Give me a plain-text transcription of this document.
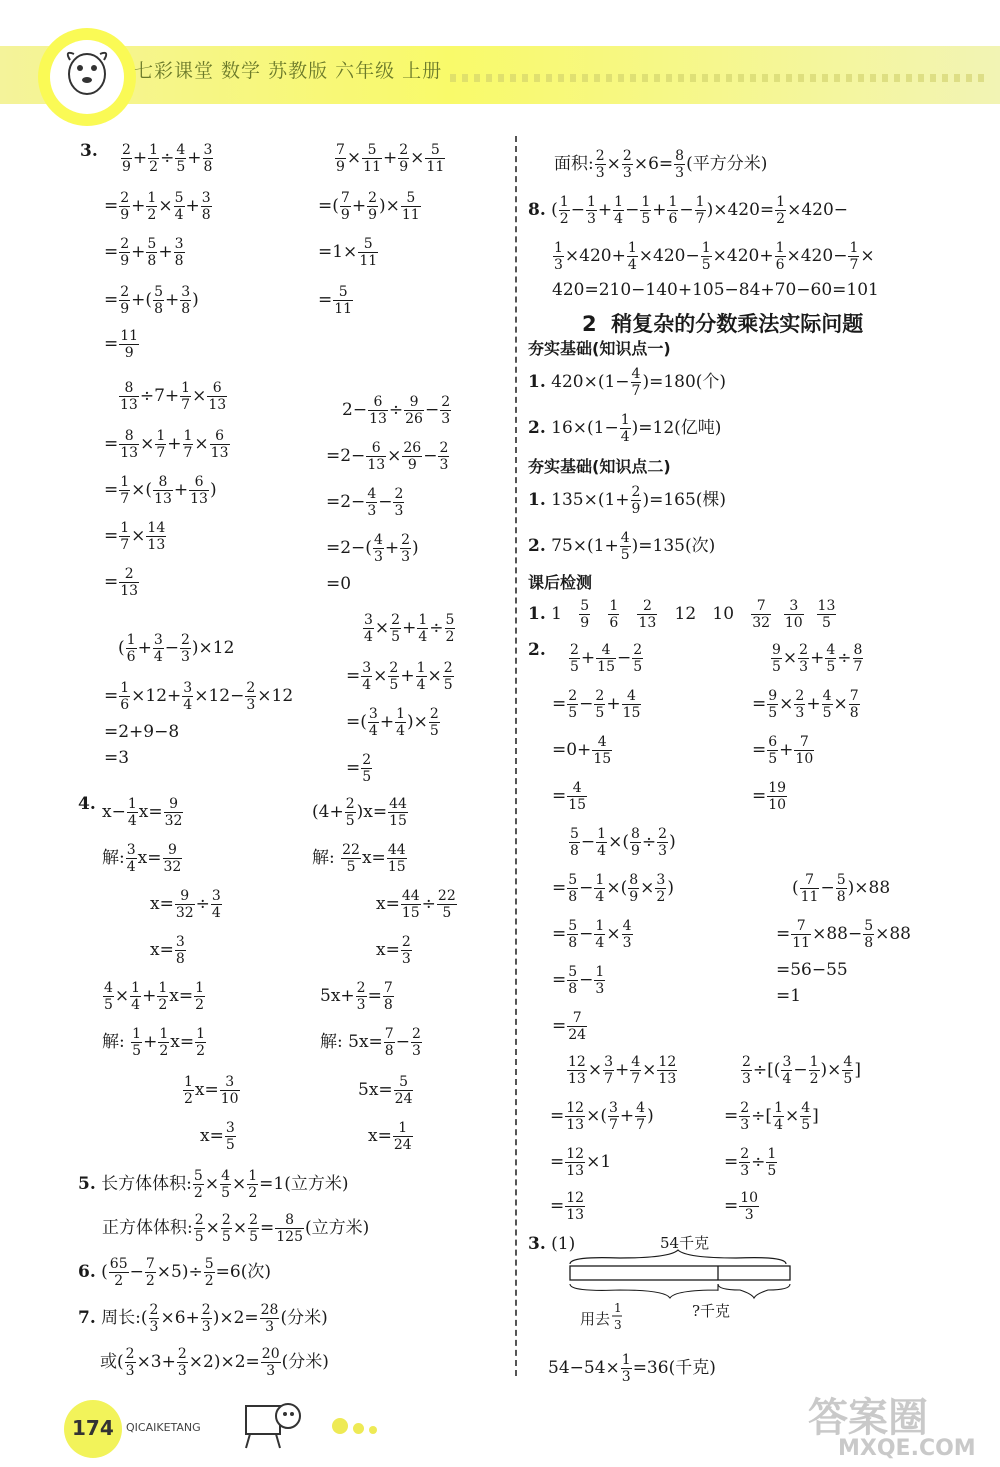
七彩课堂 数学 苏教版 六年级 上册
3. $\frac{2}{9} + \frac{1}{2} \div \frac{4}{5} + \frac{3}{8}$
= $\frac{2}{9} + \frac{1}{2} \times \frac{5}{4} + \frac{3}{8}$
= $\frac{2}{9} + \frac{5}{8} + \frac{3}{8}$
= $\frac{2}{9}$ +( $\frac{5}{8} + \frac{3}{8}$ )
= $\frac{11}{9}$
$\frac{7}{9} \times \frac{5}{11} + \frac{2}{9} \times \frac{5}{11}$
=( $\frac{7}{9} + \frac{2}{9}$ )× $\frac{5}{11}$
$=1\times \frac{5}{11}$
= $\frac{5}{11}$
$\frac{8}{13} \div 7+ \frac{1}{7} \times \frac{6}{13}$
= $\frac{8}{13} \times \frac{1}{7} + \frac{1}{7} \times \frac{6}{13}$
= $\frac{1}{7}$ ×( $\frac{8}{13} + \frac{6}{13}$ )
= $\frac{1}{7} \times \frac{14}{13}$
= $\frac{2}{13}$
$2- \frac{6}{13} \div \frac{9}{26} - \frac{2}{3}$
$=2- \frac{6}{13} \times \frac{26}{9} - \frac{2}{3}$
$=2- \frac{4}{3} - \frac{2}{3}$
$=2-( \frac{4}{3} + \frac{2}{3}$ )
=0
( $\frac{1}{6} + \frac{3}{4} - \frac{2}{3} )\times 12$
= $\frac{1}{6} \times 12+ \frac{3}{4} \times 12- \frac{2}{3} \times 12$
=2+9−8
=3
$\frac{3}{4} \times \frac{2}{5} + \frac{1}{4} \div \frac{5}{2}$
= $\frac{3}{4} \times \frac{2}{5} + \frac{1}{4} \times \frac{2}{5}$
=( $\frac{3}{4} + \frac{1}{4}$ )× $\frac{2}{5}$
= $\frac{2}{5}$
4. $x- \frac{1}{4} x= \frac{9}{32}$
解: $\frac{3}{4} x= \frac{9}{32}$
$x= \frac{9}{32} \div \frac{3}{4}$
$x= \frac{3}{8}$
$(4+ \frac{2}{5} )x= \frac{44}{15}$
解: $\frac{22}{5} x= \frac{44}{15}$
$x= \frac{44}{15} \div \frac{22}{5}$
$x= \frac{2}{3}$
$\frac{4}{5} \times \frac{1}{4} + \frac{1}{2} x= \frac{1}{2}$
解: $\frac{1}{5} + \frac{1}{2} x= \frac{1}{2}$
$\frac{1}{2} x= \frac{3}{10}$
$x= \frac{3}{5}$
$5x+ \frac{2}{3} = \frac{7}{8}$
解: $5x= \frac{7}{8} - \frac{2}{3}$
$5x= \frac{5}{24}$
$x= \frac{1}{24}$
5. 长方体体积: $\frac{5}{2} \times \frac{4}{5} \times \frac{1}{2} =1$(立方米)
正方体体积: $\frac{2}{5} \times \frac{2}{5} \times \frac{2}{5} = \frac{8}{125}$ (立方米)
6. ( $\frac{65}{2} - \frac{7}{2} \times 5)\div \frac{5}{2} =6$(次)
7. 周长:( $\frac{2}{3} \times 6+ \frac{2}{3} )\times 2= \frac{28}{3}$ (分米)
或( $\frac{2}{3} \times 3+ \frac{2}{3} \times 2)\times 2= \frac{20}{3}$ (分米)
面积: $\frac{2}{3} \times \frac{2}{3} \times 6= \frac{8}{3}$ (平方分米)
8. ( $\frac{1}{2} - \frac{1}{3} + \frac{1}{4} - \frac{1}{5} + \frac{1}{6} - \frac{1}{7} )\times 420= \frac{1}{2} \times 420-$
$\frac{1}{3} \times 420+ \frac{1}{4} \times 420- \frac{1}{5} \times 420+ \frac{1}{6} \times 420- \frac{1}{7}$ ×
420=210−140+105−84+70−60=101
2 稍复杂的分数乘法实际问题
夯实基础(知识点一)
1. $420\times(1- \frac{4}{7} )=180$(个)
2. $16\times(1- \frac{1}{4} )=12$(亿吨)
夯实基础(知识点二)
1. $135\times(1+ \frac{2}{9} )=165$(棵)
2. $75\times(1+ \frac{4}{5} )=135$(次)
课后检测
1. $1 \frac{5}{9}$
$\frac{1}{6}$
$\frac{2}{13} 12$ $10 \frac{7}{32}$
$\frac{3}{10}$
$\frac{13}{5}$
2. $\frac{2}{5} + \frac{4}{15} - \frac{2}{5}$
= $\frac{2}{5} - \frac{2}{5} + \frac{4}{15}$
$=0+ \frac{4}{15}$
= $\frac{4}{15}$
$\frac{9}{5} \times \frac{2}{3} + \frac{4}{5} \div \frac{8}{7}$
= $\frac{9}{5} \times \frac{2}{3} + \frac{4}{5} \times \frac{7}{8}$
= $\frac{6}{5} + \frac{7}{10}$
= $\frac{19}{10}$
$\frac{5}{8} - \frac{1}{4}$ ×( $\frac{8}{9} \div \frac{2}{3}$ )
= $\frac{5}{8} - \frac{1}{4}$ ×( $\frac{8}{9} \times \frac{3}{2}$ )
= $\frac{5}{8} - \frac{1}{4} \times \frac{4}{3}$
= $\frac{5}{8} - \frac{1}{3}$
= $\frac{7}{24}$
( $\frac{7}{11} - \frac{5}{8} )\times 88$
= $\frac{7}{11} \times 88- \frac{5}{8} \times 88$
=56−55
=1
$\frac{12}{13} \times \frac{3}{7} + \frac{4}{7} \times \frac{12}{13}$
= $\frac{12}{13}$ ×( $\frac{3}{7} + \frac{4}{7}$ )
= $\frac{12}{13} \times 1$
= $\frac{12}{13}$
$\frac{2}{3}$ ÷[( $\frac{3}{4} - \frac{1}{2}$ )× $\frac{4}{5}$ ]
= $\frac{2}{3}$ ÷[ $\frac{1}{4} \times \frac{4}{5}$ ]
= $\frac{2}{3} \div \frac{1}{5}$
= $\frac{10}{3}$
3. (1)	54千克
用去
1
3
?千克
$54-54\times \frac{1}{3} =36$(千克)
174 QICAIKETANG	答案圈
MXQE.COM
